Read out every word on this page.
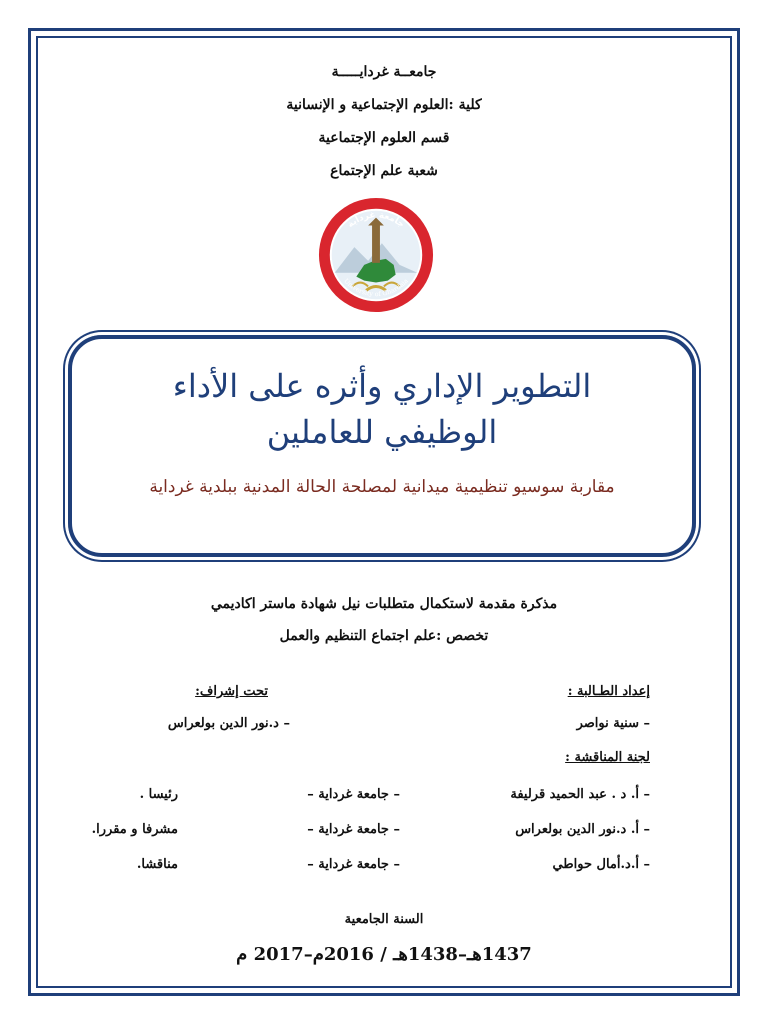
جامعــة غردايـــــة
كلية :العلوم الإجتماعية و الإنسانية
قسم العلوم الإجتماعية
شعبة علم الإجتماع
جامعة غرداية
University of Ghardaia
التطوير الإداري وأثره على الأداء
الوظيفي للعاملين
مقاربة سوسيو تنظيمية ميدانية لمصلحة الحالة المدنية ببلدية غرداية
مذكرة مقدمة لاستكمال متطلبات نيل شهادة ماستر اكاديمي
تخصص :علم اجتماع التنظيم والعمل
إعداد الطـالبة :
– سنية نواصر
تحت إشراف:
– د.نور الدين بولعراس
لجنة المناقشة :
– أ. د . عبد الحميد قرليفة
– جامعة غرداية –
رئيسا .
– أ. د.نور الدين بولعراس
– جامعة غرداية –
مشرفا و مقررا.
– أ.د.أمال حواطي
– جامعة غرداية –
مناقشا.
السنة الجامعية
1437هـ–1438هـ / 2016م–2017 م
